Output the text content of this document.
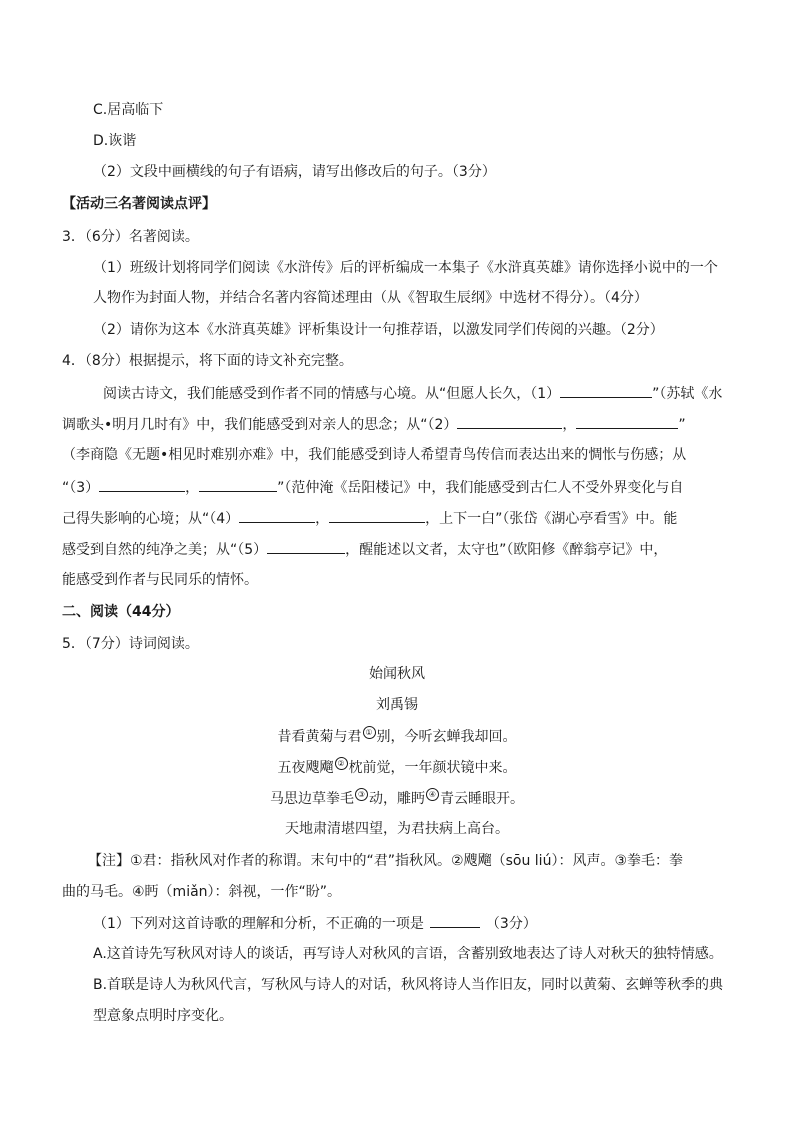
C.居高临下
D.诙谐
（2）文段中画横线的句子有语病，请写出修改后的句子。（3分）
【活动三名著阅读点评】
3．（6分）名著阅读。
（1）班级计划将同学们阅读《水浒传》后的评析编成一本集子《水浒真英雄》请你选择小说中的一个
人物作为封面人物，并结合名著内容简述理由（从《智取生辰纲》中选材不得分）。（4分）
（2）请你为这本《水浒真英雄》评析集设计一句推荐语，以激发同学们传阅的兴趣。（2分）
4．（8分）根据提示，将下面的诗文补充完整。
阅读古诗文，我们能感受到作者不同的情感与心境。从“但愿人长久，（1）	”（苏轼《水
调歌头•明月几时有》中，我们能感受到对亲人的思念；从“（2）	，	”
（李商隐《无题•相见时难别亦难》中，我们能感受到诗人希望青鸟传信而表达出来的惆怅与伤感；从
“（3）	，	”（范仲淹《岳阳楼记》中，我们能感受到古仁人不受外界变化与自
己得失影响的心境；从“（4）	，	，上下一白”（张岱《湖心亭看雪》中。能
感受到自然的纯净之美；从“（5）	，醒能述以文者，太守也”（欧阳修《醉翁亭记》中，
能感受到作者与民同乐的情怀。
二、阅读（44分）
5．（7分）诗词阅读。
始闻秋风
刘禹锡
昔看黄菊与君 ① 别，今听玄蝉我却回。
五夜飕飗 ② 枕前觉，一年颜状镜中来。
马思边草拳毛 ③ 动，雕眄 ④ 青云睡眼开。
天地肃清堪四望，为君扶病上高台。
【注】①君：指秋风对作者的称谓。末句中的“君”指秋风。②飕飗（sōu liú）：风声。③拳毛：拳
曲的马毛。④眄（miǎn）：斜视，一作“盼”。
（1）下列对这首诗歌的理解和分析，不正确的一项是	（3分）
A.这首诗先写秋风对诗人的谈话，再写诗人对秋风的言语，含蓄别致地表达了诗人对秋天的独特情感。
B.首联是诗人为秋风代言，写秋风与诗人的对话，秋风将诗人当作旧友，同时以黄菊、玄蝉等秋季的典
型意象点明时序变化。
